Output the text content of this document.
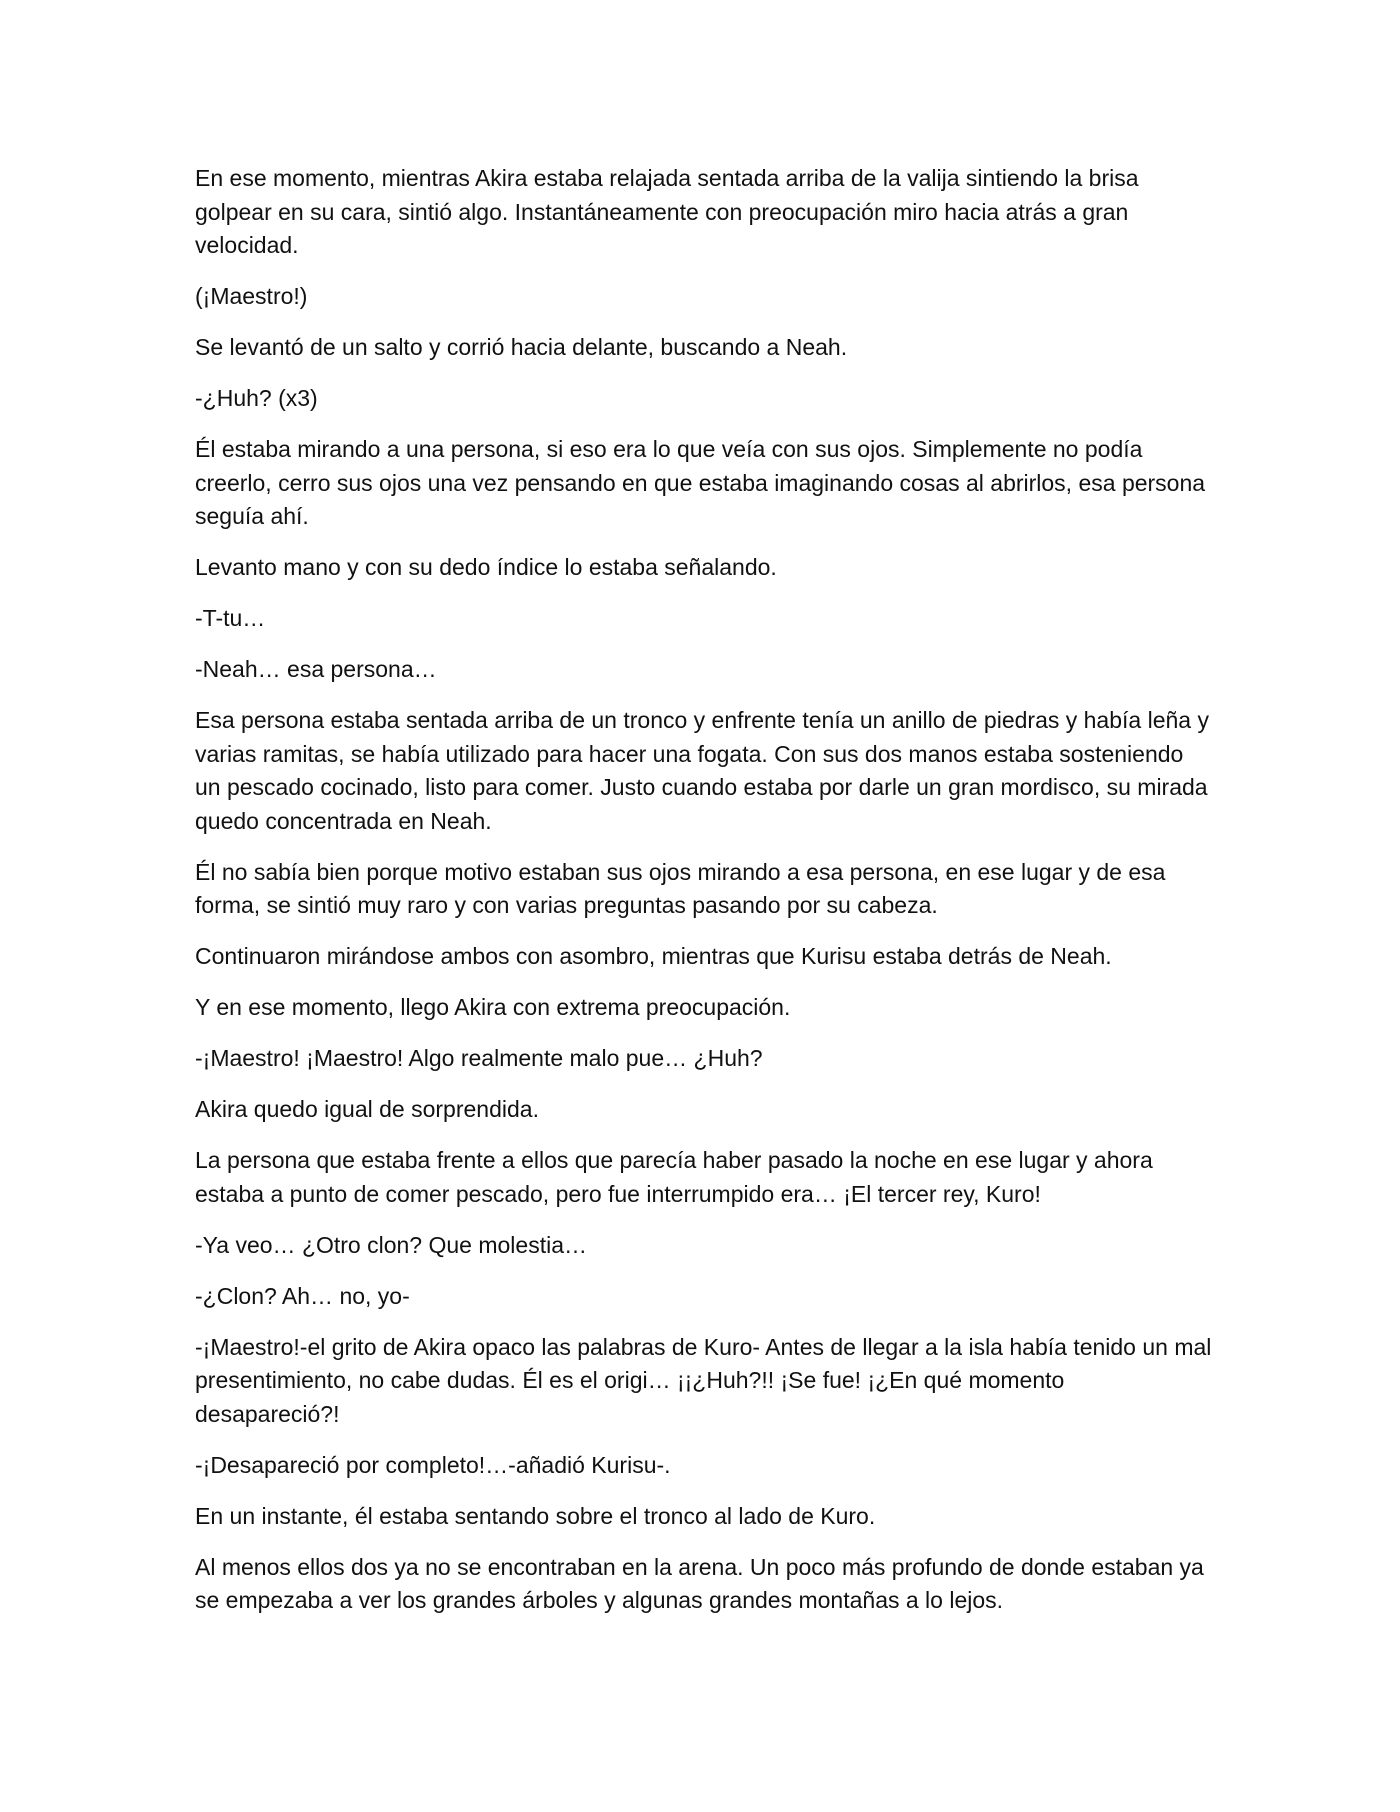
En ese momento, mientras Akira estaba relajada sentada arriba de la valija sintiendo la brisa golpear en su cara, sintió algo. Instantáneamente con preocupación miro hacia atrás a gran velocidad.

(¡Maestro!)

Se levantó de un salto y corrió hacia delante, buscando a Neah.

-¿Huh? (x3)

Él estaba mirando a una persona, si eso era lo que veía con sus ojos. Simplemente no podía creerlo, cerro sus ojos una vez pensando en que estaba imaginando cosas al abrirlos, esa persona seguía ahí.

Levanto mano y con su dedo índice lo estaba señalando.

-T-tu…

-Neah… esa persona…

Esa persona estaba sentada arriba de un tronco y enfrente tenía un anillo de piedras y había leña y varias ramitas, se había utilizado para hacer una fogata. Con sus dos manos estaba sosteniendo un pescado cocinado, listo para comer. Justo cuando estaba por darle un gran mordisco, su mirada quedo concentrada en Neah.

Él no sabía bien porque motivo estaban sus ojos mirando a esa persona, en ese lugar y de esa forma, se sintió muy raro y con varias preguntas pasando por su cabeza.

Continuaron mirándose ambos con asombro, mientras que Kurisu estaba detrás de Neah.

Y en ese momento, llego Akira con extrema preocupación.

-¡Maestro! ¡Maestro! Algo realmente malo pue… ¿Huh?

Akira quedo igual de sorprendida.

La persona que estaba frente a ellos que parecía haber pasado la noche en ese lugar y ahora estaba a punto de comer pescado, pero fue interrumpido era… ¡El tercer rey, Kuro!

-Ya veo… ¿Otro clon? Que molestia…

-¿Clon? Ah… no, yo-

-¡Maestro!-el grito de Akira opaco las palabras de Kuro- Antes de llegar a la isla había tenido un mal presentimiento, no cabe dudas. Él es el origi… ¡¡¿Huh?!! ¡Se fue! ¡¿En qué momento desapareció?!

-¡Desapareció por completo!…-añadió Kurisu-.

En un instante, él estaba sentando sobre el tronco al lado de Kuro.

Al menos ellos dos ya no se encontraban en la arena. Un poco más profundo de donde estaban ya se empezaba a ver los grandes árboles y algunas grandes montañas a lo lejos.
